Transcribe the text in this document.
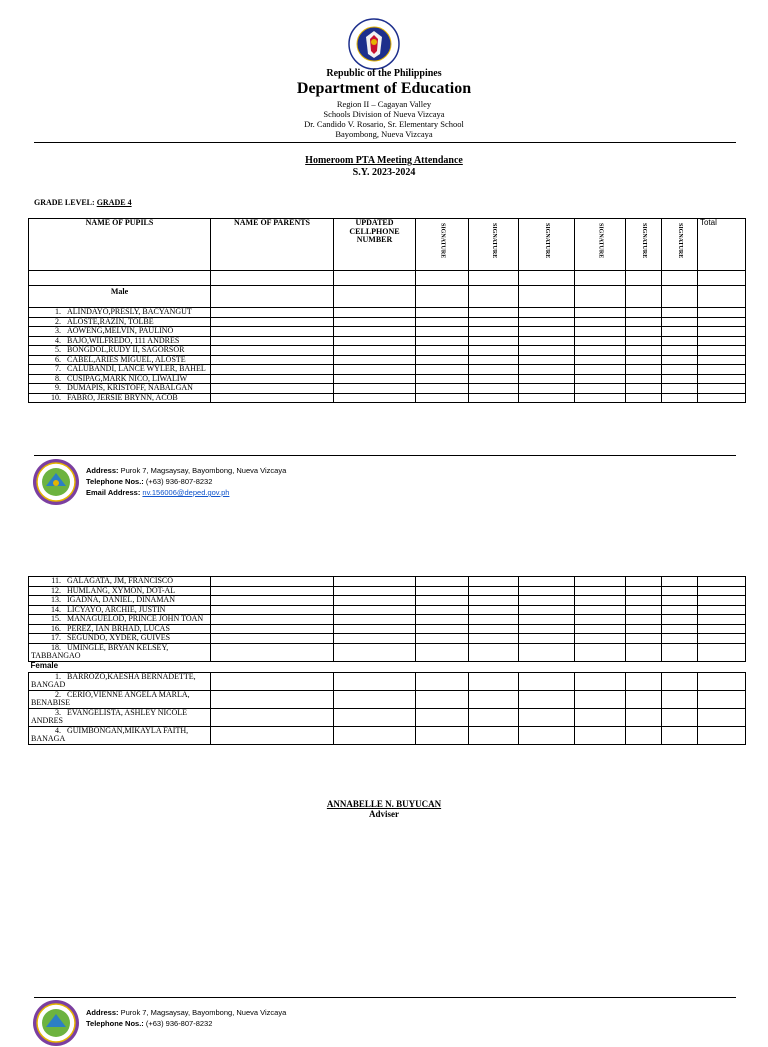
Republic of the Philippines
Department of Education
Region II – Cagayan Valley
Schools Division of Nueva Vizcaya
Dr. Candido V. Rosario, Sr. Elementary School
Bayombong, Nueva Vizcaya
Homeroom PTA Meeting Attendance
S.Y. 2023-2024
GRADE LEVEL: GRADE 4
NAME OF PUPILS	NAME OF PARENTS	UPDATED CELLPHONE NUMBER	SIGNATURE	SIGNATURE	SIGNATURE	SIGNATURE	SIGNATURE	SIGNATURE	Total

Male									
1. ALINDAYO,PRESLY, BACYANGUT									
2. ALOSTE,RAZIN, TOLBE									
3. AOWENG,MELVIN, PAULINO									
4. BAJO,WILFREDO, 111 ANDRES									
5. BONGDOL,RUDY II, SAGORSOR									
6. CABEL,ARIES MIGUEL, ALOSTE									
7. CALUBANDI, LANCE WYLER, BAHEL									
8. CUSIPAG,MARK NICO, LIWALIW									
9. DUMAPIS, KRISTOFF, NABALGAN									
10. FABRO, JERSIE BRYNN, ACOB									
Address: Purok 7, Magsaysay, Bayombong, Nueva Vizcaya
Telephone Nos.: (+63) 936-807-8232
Email Address: nv.156006@deped.gov.ph
11. GALAGATA, JM, FRANCISCO									
12. HUMLANG, XYMON, DOT-AL									
13. IGADNA, DANIEL, DINAMAN									
14. LICYAYO, ARCHIE, JUSTIN									
15. MANAGUELOD, PRINCE JOHN TOAN									
16. PEREZ, IAN BRHAD, LUCAS									
17. SEGUNDO, XYDER, GUIVES									
18. UMINGLE, BRYAN KELSEY, TABBANGAO									
Female									
1. BARROZO,KAESHA BERNADETTE, BANGAD									
2. CERIO,VIENNE ANGELA MARLA, BENABISE									
3. EVANGELISTA, ASHLEY NICOLE ANDRES									
4. GUIMBONGAN,MIKAYLA FAITH, BANAGA									
ANNABELLE N. BUYUCAN
Adviser
Address: Purok 7, Magsaysay, Bayombong, Nueva Vizcaya
Telephone Nos.: (+63) 936-807-8232
